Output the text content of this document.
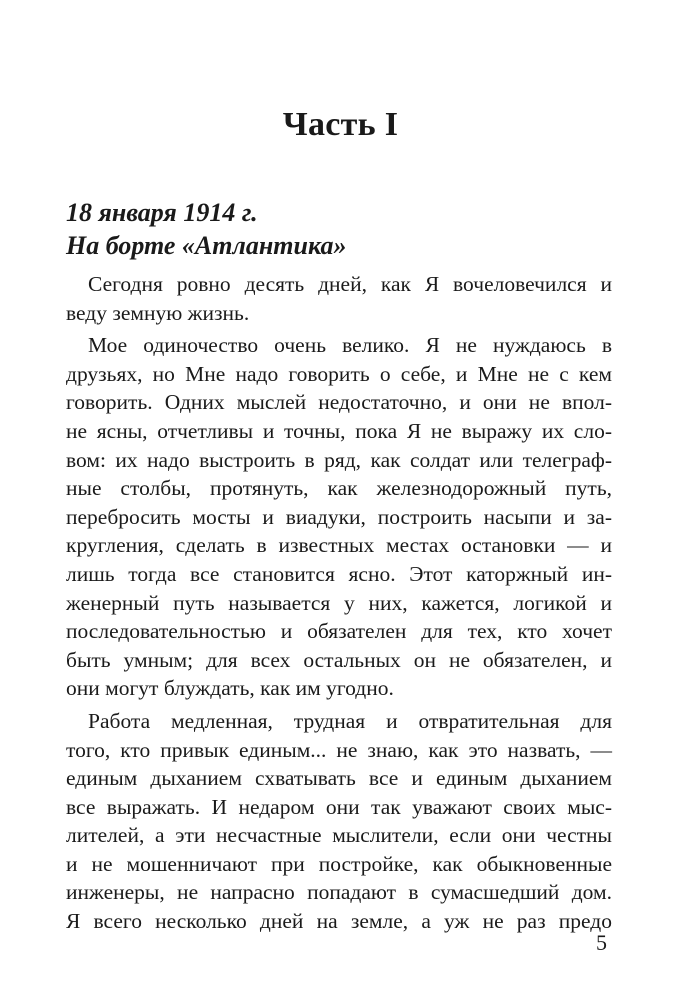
Часть I
18 января 1914 г.
На борте «Атлантика»
Сегодня ровно десять дней, как Я вочеловечился и
веду земную жизнь.
Мое одиночество очень велико. Я не нуждаюсь в
друзьях, но Мне надо говорить о себе, и Мне не с кем
говорить. Одних мыслей недостаточно, и они не впол-
не ясны, отчетливы и точны, пока Я не выражу их сло-
вом: их надо выстроить в ряд, как солдат или телеграф-
ные столбы, протянуть, как железнодорожный путь,
перебросить мосты и виадуки, построить насыпи и за-
кругления, сделать в известных местах остановки — и
лишь тогда все становится ясно. Этот каторжный ин-
женерный путь называется у них, кажется, логикой и
последовательностью и обязателен для тех, кто хочет
быть умным; для всех остальных он не обязателен, и
они могут блуждать, как им угодно.
Работа медленная, трудная и отвратительная для
того, кто привык единым... не знаю, как это назвать, —
единым дыханием схватывать все и единым дыханием
все выражать. И недаром они так уважают своих мыс-
лителей, а эти несчастные мыслители, если они честны
и не мошенничают при постройке, как обыкновенные
инженеры, не напрасно попадают в сумасшедший дом.
Я всего несколько дней на земле, а уж не раз предо
5
